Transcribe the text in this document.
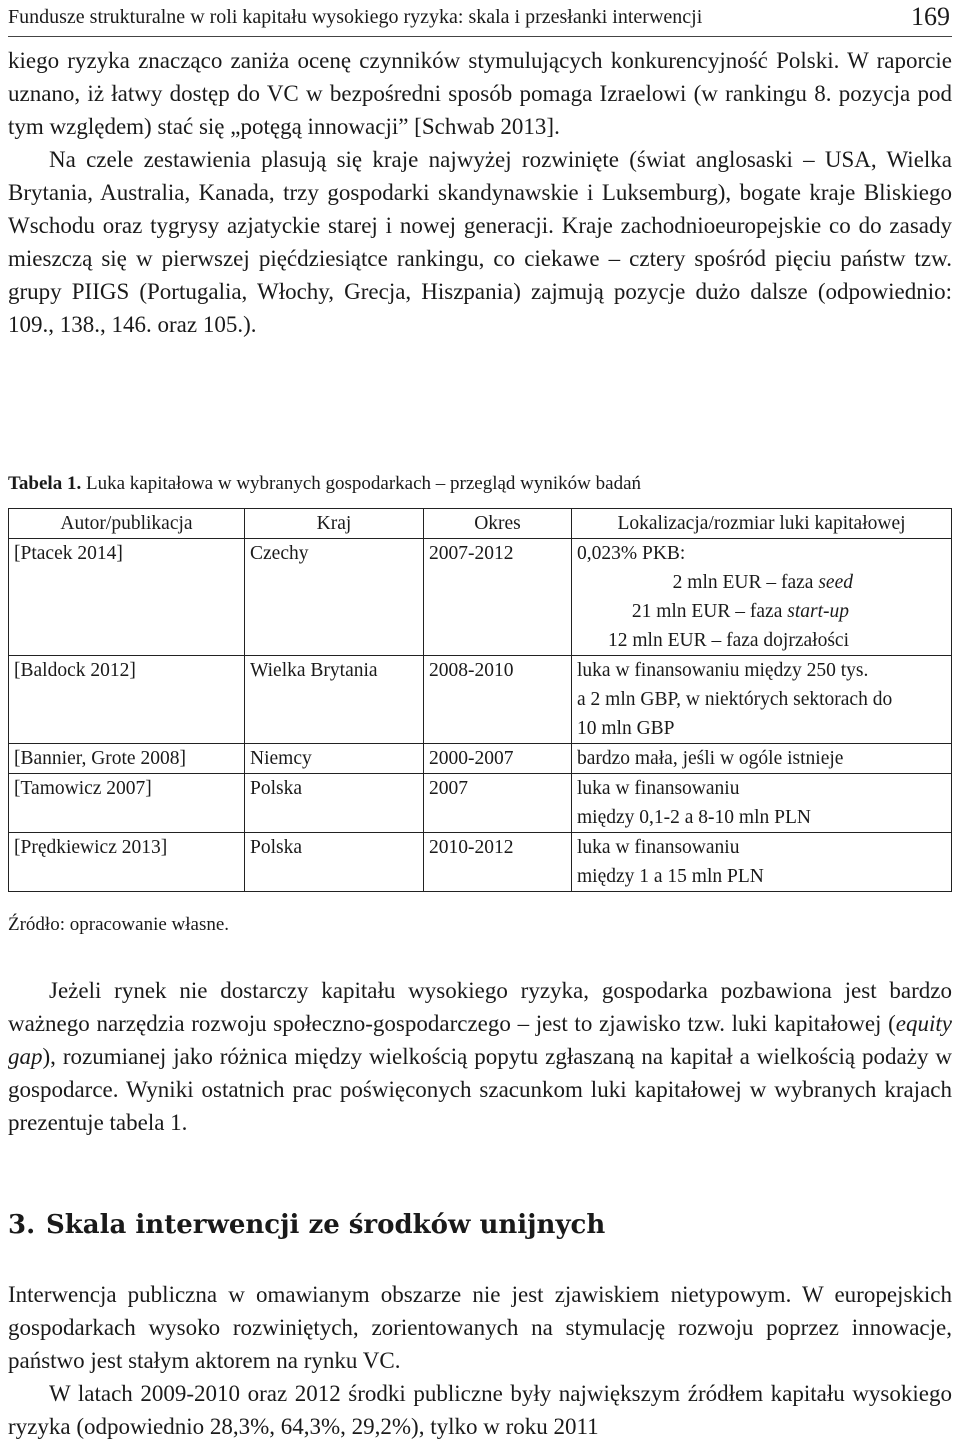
Fundusze strukturalne w roli kapitału wysokiego ryzyka: skala i przesłanki interwencji	169

kiego ryzyka znacząco zaniża ocenę czynników stymulujących konkurencyjność Polski. W raporcie uznano, iż łatwy dostęp do VC w bezpośredni sposób pomaga Izraelowi (w rankingu 8. pozycja pod tym względem) stać się „potęgą innowacji” [Schwab 2013].

Na czele zestawienia plasują się kraje najwyżej rozwinięte (świat anglosaski – USA, Wielka Brytania, Australia, Kanada, trzy gospodarki skandynawskie i Luksemburg), bogate kraje Bliskiego Wschodu oraz tygrysy azjatyckie starej i nowej generacji. Kraje zachodnioeuropejskie co do zasady mieszczą się w pierwszej pięćdziesiątce rankingu, co ciekawe – cztery spośród pięciu państw tzw. grupy PIIGS (Portugalia, Włochy, Grecja, Hiszpania) zajmują pozycje dużo dalsze (odpowiednio: 109., 138., 146. oraz 105.).

Tabela 1. Luka kapitałowa w wybranych gospodarkach – przegląd wyników badań
Autor/publikacja	Kraj	Okres	Lokalizacja/rozmiar luki kapitałowej
[Ptacek 2014]	Czechy	2007-2012	0,023% PKB:
2 mln EUR – faza seed
21 mln EUR – faza start-up
12 mln EUR – faza dojrzałości

[Baldock 2012]	Wielka Brytania	2008-2010	luka w finansowaniu między 250 tys.
a 2 mln GBP, w niektórych sektorach do
10 mln GBP

[Bannier, Grote 2008]	Niemcy	2000-2007	bardzo mała, jeśli w ogóle istnieje

[Tamowicz 2007]	Polska	2007	luka w finansowaniu
między 0,1-2 a 8-10 mln PLN

[Prędkiewicz 2013]	Polska	2010-2012	luka w finansowaniu
między 1 a 15 mln PLN
Źródło: opracowanie własne.

Jeżeli rynek nie dostarczy kapitału wysokiego ryzyka, gospodarka pozbawiona jest bardzo ważnego narzędzia rozwoju społeczno-gospodarczego – jest to zjawisko tzw. luki kapitałowej (equity gap), rozumianej jako różnica między wielkością popytu zgłaszaną na kapitał a wielkością podaży w gospodarce. Wyniki ostatnich prac poświęconych szacunkom luki kapitałowej w wybranych krajach prezentuje tabela 1.

3. Skala interwencji ze środków unijnych

Interwencja publiczna w omawianym obszarze nie jest zjawiskiem nietypowym. W europejskich gospodarkach wysoko rozwiniętych, zorientowanych na stymulację rozwoju poprzez innowacje, państwo jest stałym aktorem na rynku VC.

W latach 2009-2010 oraz 2012 środki publiczne były największym źródłem kapitału wysokiego ryzyka (odpowiednio 28,3%, 64,3%, 29,2%), tylko w roku 2011
